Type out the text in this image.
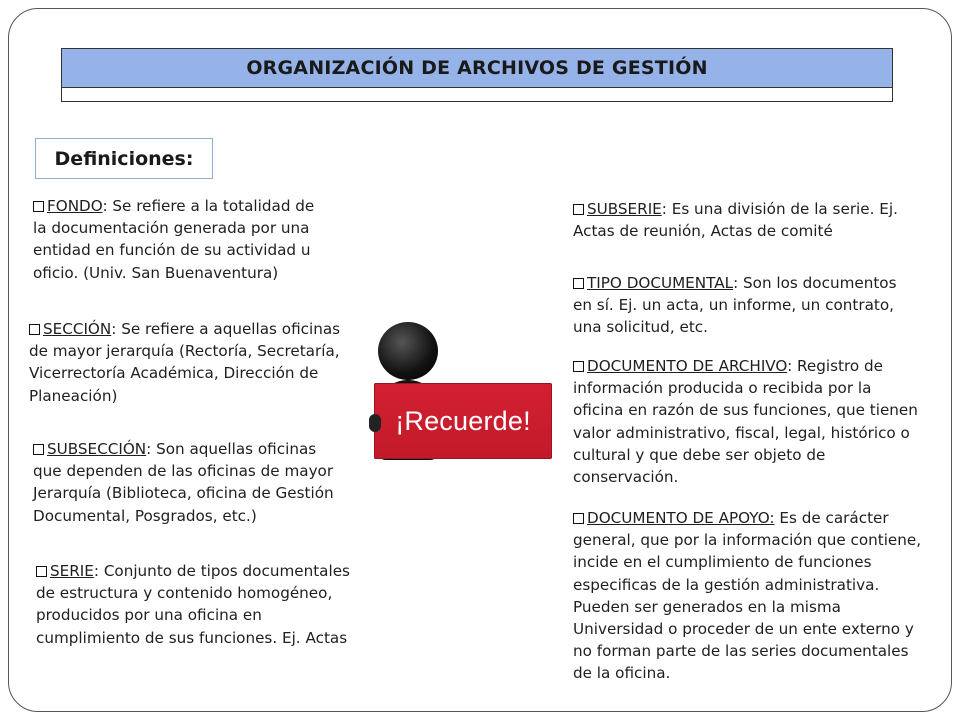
ORGANIZACIÓN DE ARCHIVOS DE GESTIÓN
Definiciones:
FONDO: Se refiere a la totalidad de
la documentación generada por una
entidad en función de su actividad u
oficio. (Univ. San Buenaventura)
SECCIÓN: Se refiere a aquellas oficinas
de mayor jerarquía (Rectoría, Secretaría,
Vicerrectoría Académica, Dirección de
Planeación)
SUBSECCIÓN: Son aquellas oficinas
que dependen de las oficinas de mayor
Jerarquía (Biblioteca, oficina de Gestión
Documental, Posgrados, etc.)
SERIE: Conjunto de tipos documentales
de estructura y contenido homogéneo,
producidos por una oficina en
cumplimiento de sus funciones. Ej. Actas
¡Recuerde!
SUBSERIE: Es una división de la serie. Ej.
Actas de reunión, Actas de comité
TIPO DOCUMENTAL: Son los documentos
en sí. Ej. un acta, un informe, un contrato,
una solicitud, etc.
DOCUMENTO DE ARCHIVO: Registro de
información producida o recibida por la
oficina en razón de sus funciones, que tienen
valor administrativo, fiscal, legal, histórico o
cultural y que debe ser objeto de
conservación.
DOCUMENTO DE APOYO: Es de carácter
general, que por la información que contiene,
incide en el cumplimiento de funciones
especificas de la gestión administrativa.
Pueden ser generados en la misma
Universidad o proceder de un ente externo y
no forman parte de las series documentales
de la oficina.
